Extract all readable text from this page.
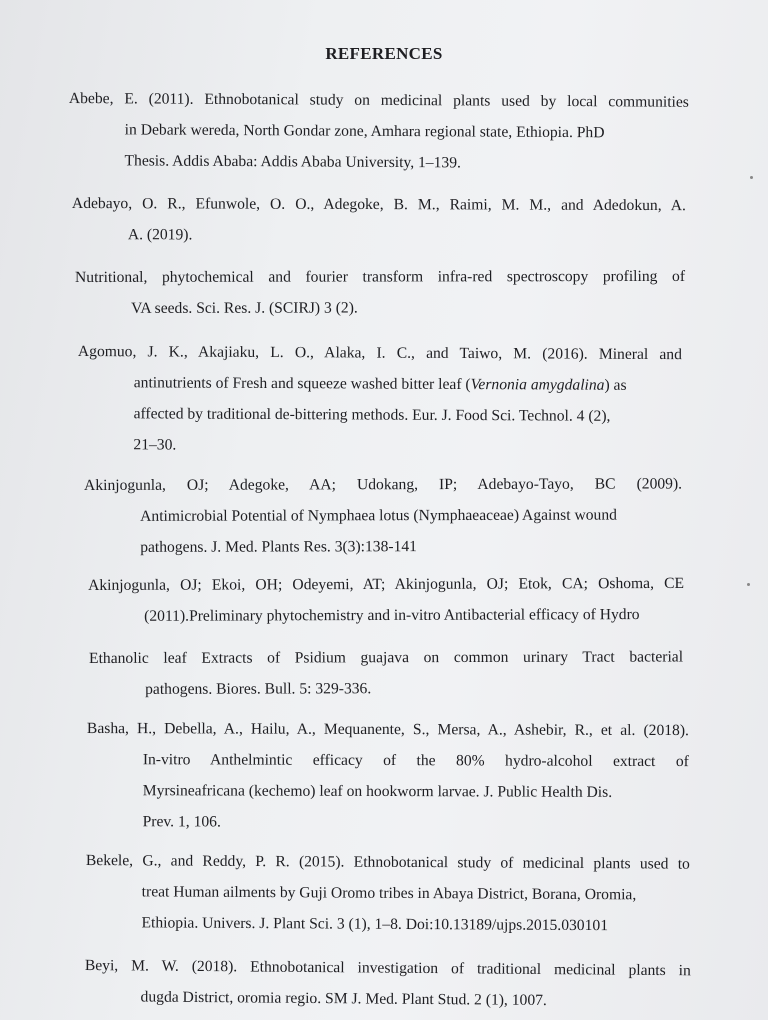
REFERENCES
Abebe, E. (2011). Ethnobotanical study on medicinal plants used by local communities
in Debark wereda, North Gondar zone, Amhara regional state, Ethiopia. PhD
Thesis. Addis Ababa: Addis Ababa University, 1–139.
Adebayo, O. R., Efunwole, O. O., Adegoke, B. M., Raimi, M. M., and Adedokun, A.
A. (2019).
Nutritional, phytochemical and fourier transform infra-red spectroscopy profiling of
VA seeds. Sci. Res. J. (SCIRJ) 3 (2).
Agomuo, J. K., Akajiaku, L. O., Alaka, I. C., and Taiwo, M. (2016). Mineral and
antinutrients of Fresh and squeeze washed bitter leaf (Vernonia amygdalina) as
affected by traditional de-bittering methods. Eur. J. Food Sci. Technol. 4 (2),
21–30.
Akinjogunla, OJ; Adegoke, AA; Udokang, IP; Adebayo-Tayo, BC (2009).
Antimicrobial Potential of Nymphaea lotus (Nymphaeaceae) Against wound
pathogens. J. Med. Plants Res. 3(3):138-141
Akinjogunla, OJ; Ekoi, OH; Odeyemi, AT; Akinjogunla, OJ; Etok, CA; Oshoma, CE
(2011).Preliminary phytochemistry and in-vitro Antibacterial efficacy of Hydro
Ethanolic leaf Extracts of Psidium guajava on common urinary Tract bacterial
pathogens. Biores. Bull. 5: 329-336.
Basha, H., Debella, A., Hailu, A., Mequanente, S., Mersa, A., Ashebir, R., et al. (2018).
In-vitro Anthelmintic efficacy of the 80% hydro-alcohol extract of
Myrsineafricana (kechemo) leaf on hookworm larvae. J. Public Health Dis.
Prev. 1, 106.
Bekele, G., and Reddy, P. R. (2015). Ethnobotanical study of medicinal plants used to
treat Human ailments by Guji Oromo tribes in Abaya District, Borana, Oromia,
Ethiopia. Univers. J. Plant Sci. 3 (1), 1–8. Doi:10.13189/ujps.2015.030101
Beyi, M. W. (2018). Ethnobotanical investigation of traditional medicinal plants in
dugda District, oromia regio. SM J. Med. Plant Stud. 2 (1), 1007.
